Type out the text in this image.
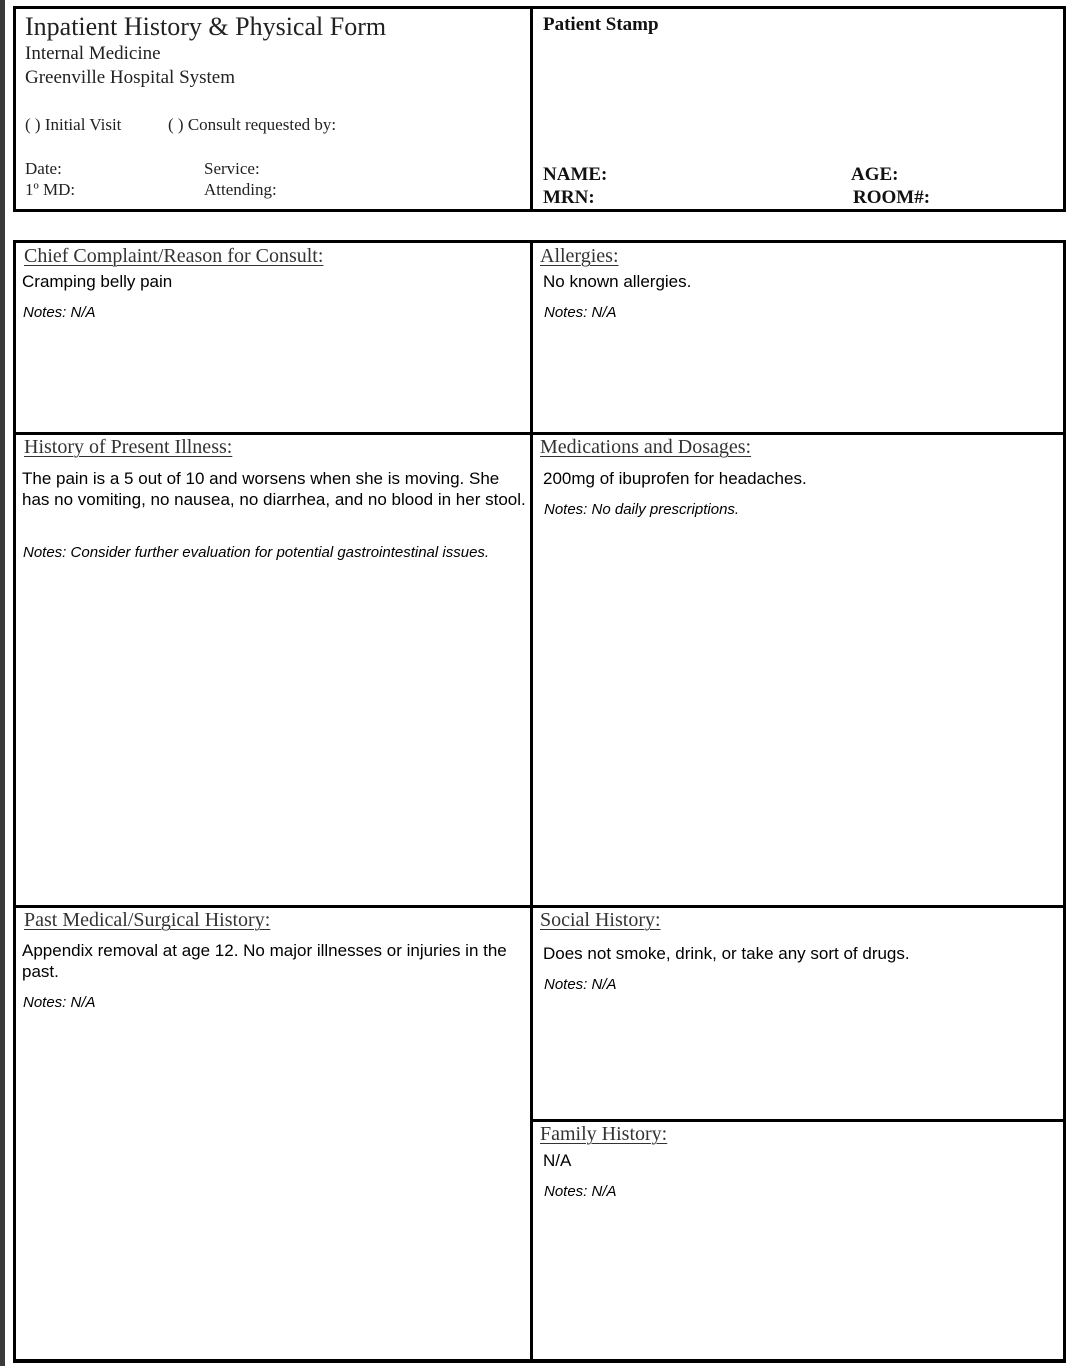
Inpatient History & Physical Form
Internal Medicine
Greenville Hospital System
( ) Initial Visit	( ) Consult requested by:
Date:
1º MD:
Service:
Attending:
Patient Stamp
NAME:
MRN:
AGE:
ROOM#:
Chief Complaint/Reason for Consult:
Cramping belly pain
Notes: N/A
Allergies:
No known allergies.
Notes: N/A
History of Present Illness:
The pain is a 5 out of 10 and worsens when she is moving. She has no vomiting, no nausea, no diarrhea, and no blood in her stool.
Notes: Consider further evaluation for potential gastrointestinal issues.
Medications and Dosages:
200mg of ibuprofen for headaches.
Notes: No daily prescriptions.
Past Medical/Surgical History:
Appendix removal at age 12. No major illnesses or injuries in the past.
Notes: N/A
Social History:
Does not smoke, drink, or take any sort of drugs.
Notes: N/A
Family History:
N/A
Notes: N/A
